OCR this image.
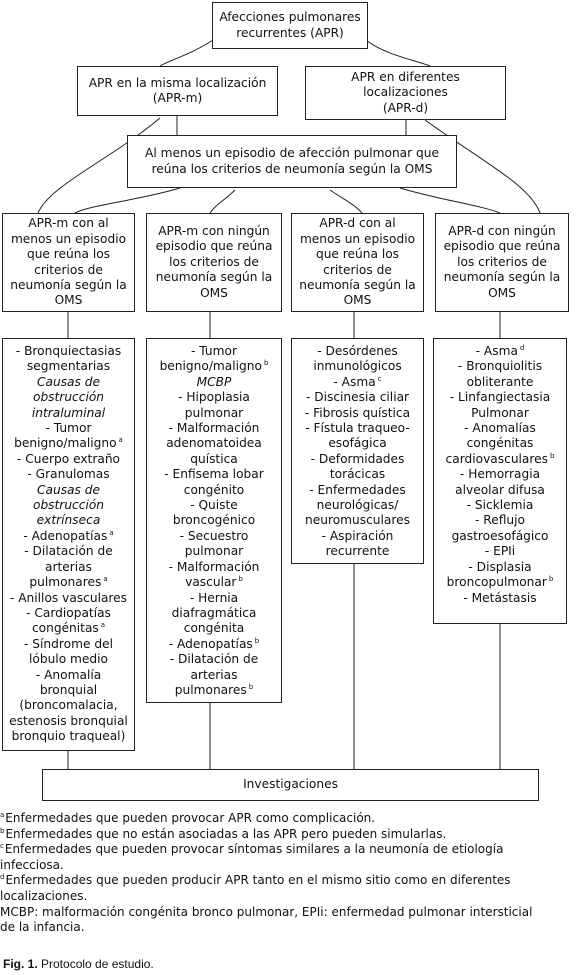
Afecciones pulmonares
recurrentes (APR)
APR en la misma localización
(APR-m)
APR en diferentes
localizaciones
(APR-d)
Al menos un episodio de afección pulmonar que
reúna los criterios de neumonía según la OMS
APR-m con al
menos un episodio
que reúna los
criterios de
neumonía según la
OMS
APR-m con ningún
episodio que reúna
los criterios de
neumonía según la
OMS
APR-d con al
menos un episodio
que reúna los
criterios de
neumonía según la
OMS
APR-d con ningún
episodio que reúna
los criterios de
neumonía según la
OMS
- Bronquiectasias
segmentarias
Causas de
obstrucción
intraluminal
- Tumor
benigno/maligno $^a$
- Cuerpo extraño
- Granulomas
Causas de
obstrucción
extrínseca
- Adenopatías $^a$
- Dilatación de
arterias
pulmonares $^a$
- Anillos vasculares
- Cardiopatías
congénitas $^a$
- Síndrome del
lóbulo medio
- Anomalía
bronquial
(broncomalacia,
estenosis bronquial
bronquio traqueal)
- Tumor
benigno/maligno $^b$
MCBP
- Hipoplasia
pulmonar
- Malformación
adenomatoidea
quística
- Enfisema lobar
congénito
- Quiste
broncogénico
- Secuestro
pulmonar
- Malformación
vascular $^b$
- Hernia
diafragmática
congénita
- Adenopatías $^b$
- Dilatación de
arterias
pulmonares $^b$
- Desórdenes
inmunológicos
- Asma $^c$
- Discinesia ciliar
- Fibrosis quística
- Fístula traqueo-
esofágica
- Deformidades
torácicas
- Enfermedades
neurológicas/
neuromusculares
- Aspiración
recurrente
- Asma $^d$
- Bronquiolitis
obliterante
- Linfangiectasia
Pulmonar
- Anomalías
congénitas
cardiovasculares $^b$
- Hemorragia
alveolar difusa
- Sicklemia
- Reflujo
gastroesofágico
- EPIi
- Displasia
broncopulmonar $^b$
- Metástasis
Investigaciones
$^a$Enfermedades que pueden provocar APR como complicación.
$^b$Enfermedades que no están asociadas a las APR pero pueden simularlas.
$^c$Enfermedades que pueden provocar síntomas similares a la neumonía de etiología
infecciosa.
$^d$Enfermedades que pueden producir APR tanto en el mismo sitio como en diferentes
localizaciones.
MCBP: malformación congénita bronco pulmonar, EPIi: enfermedad pulmonar intersticial
de la infancia.
Fig. 1. Protocolo de estudio.
